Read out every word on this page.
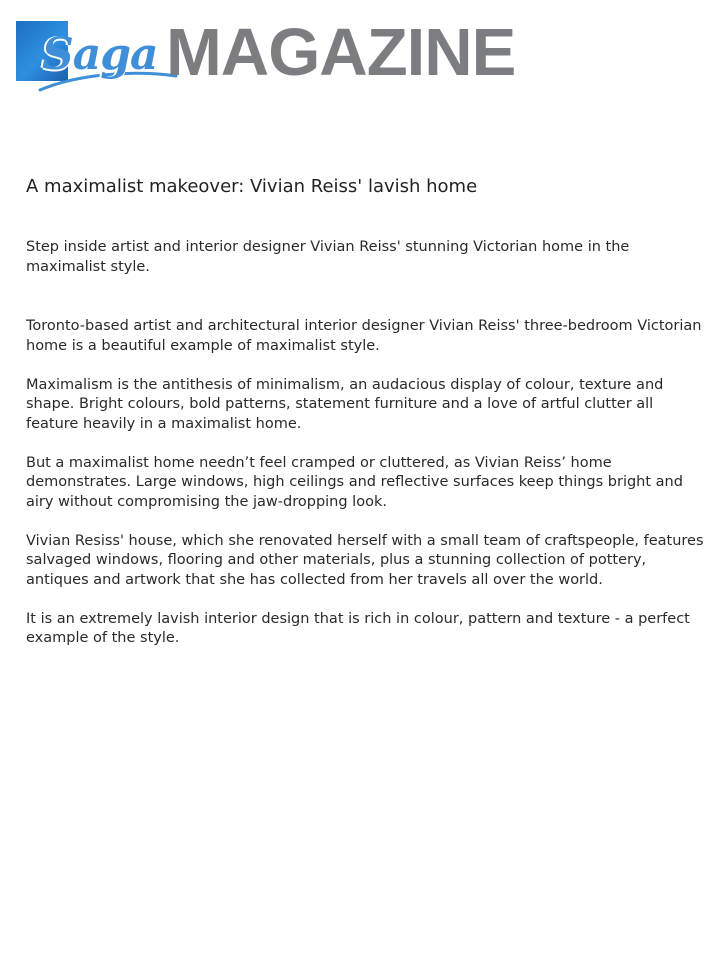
Saga MAGAZINE
A maximalist makeover: Vivian Reiss' lavish home

Step inside artist and interior designer Vivian Reiss' stunning Victorian home in the maximalist style.

Toronto-based artist and architectural interior designer Vivian Reiss' three-bedroom Victorian home is a beautiful example of maximalist style.

Maximalism is the antithesis of minimalism, an audacious display of colour, texture and shape. Bright colours, bold patterns, statement furniture and a love of artful clutter all feature heavily in a maximalist home.

But a maximalist home needn’t feel cramped or cluttered, as Vivian Reiss’ home demonstrates. Large windows, high ceilings and reflective surfaces keep things bright and airy without compromising the jaw-dropping look.

Vivian Resiss' house, which she renovated herself with a small team of craftspeople, features salvaged windows, flooring and other materials, plus a stunning collection of pottery, antiques and artwork that she has collected from her travels all over the world.

It is an extremely lavish interior design that is rich in colour, pattern and texture - a perfect example of the style.
